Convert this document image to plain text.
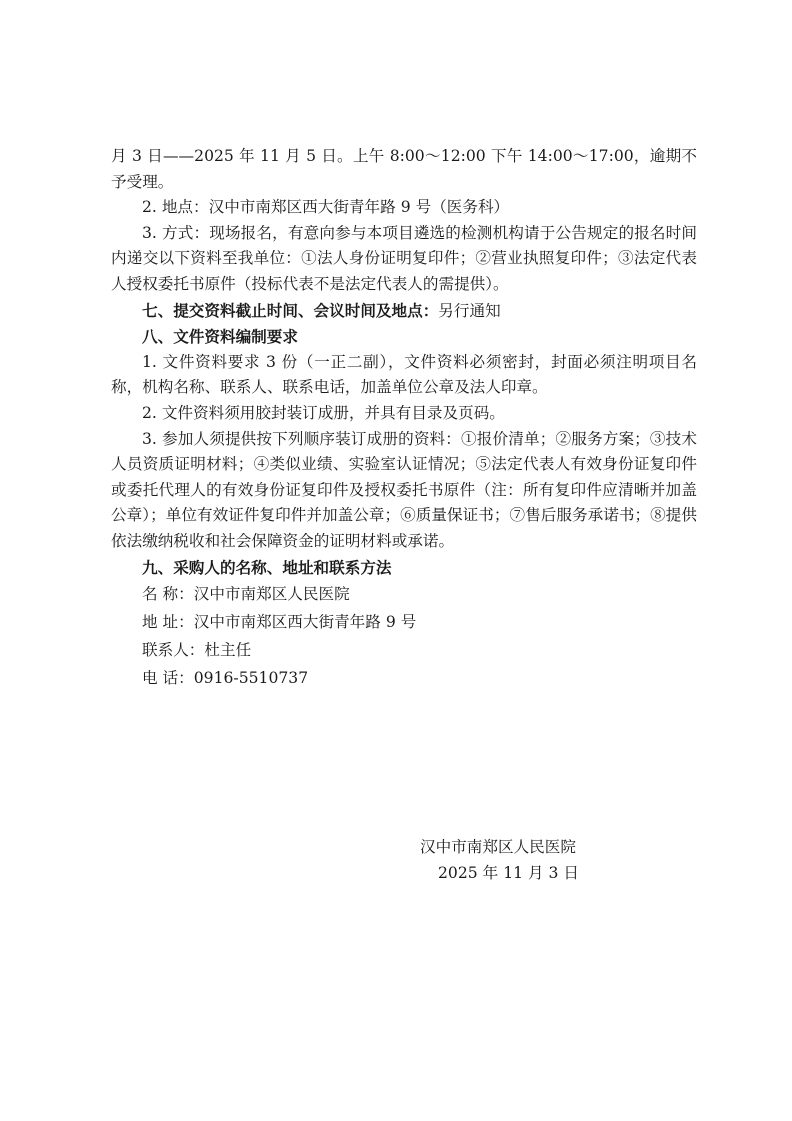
月 3 日——2025 年 11 月 5 日。上午 8:00～12:00 下午 14:00～17:00，逾期不予受理。

2. 地点：汉中市南郑区西大街青年路 9 号（医务科）

3. 方式：现场报名，有意向参与本项目遴选的检测机构请于公告规定的报名时间内递交以下资料至我单位：①法人身份证明复印件；②营业执照复印件；③法定代表人授权委托书原件（投标代表不是法定代表人的需提供）。

七、提交资料截止时间、会议时间及地点：另行通知

八、文件资料编制要求

1. 文件资料要求 3 份（一正二副），文件资料必须密封，封面必须注明项目名称，机构名称、联系人、联系电话，加盖单位公章及法人印章。

2. 文件资料须用胶封装订成册，并具有目录及页码。

3. 参加人须提供按下列顺序装订成册的资料：①报价清单；②服务方案；③技术人员资质证明材料；④类似业绩、实验室认证情况；⑤法定代表人有效身份证复印件或委托代理人的有效身份证复印件及授权委托书原件（注：所有复印件应清晰并加盖公章）；单位有效证件复印件并加盖公章；⑥质量保证书；⑦售后服务承诺书；⑧提供依法缴纳税收和社会保障资金的证明材料或承诺。

九、采购人的名称、地址和联系方法

名 称：汉中市南郑区人民医院

地 址：汉中市南郑区西大街青年路 9 号

联系人：杜主任

电 话：0916-5510737

汉中市南郑区人民医院
2025 年 11 月 3 日
